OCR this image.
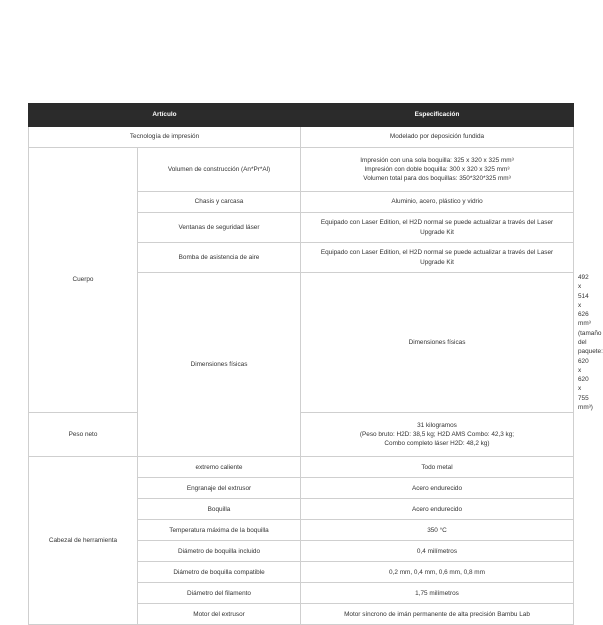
Artículo		Especificación	
Tecnología de impresión		Modelado por deposición fundida	
Cuerpo	Volumen de construcción (An*Pr*Al)	Impresión con una sola boquilla: 325 x 320 x 325 mm³
Impresión con doble boquilla: 300 x 320 x 325 mm³
Volumen total para dos boquillas: 350*320*325 mm³	

	Chasis y carcasa	Aluminio, acero, plástico y vidrio	
	Ventanas de seguridad láser	Equipado con Laser Edition, el H2D normal se puede actualizar a través del Laser
Upgrade Kit	

	Bomba de asistencia de aire	Equipado con Laser Edition, el H2D normal se puede actualizar a través del Laser
Upgrade Kit	

	Dimensiones físicas	Dimensiones físicas	492 x 514 x 626 mm³ (tamaño del paquete: 620 x 620 x 755 mm³)
Peso neto		31 kilogramos
(Peso bruto: H2D: 38,5 kg; H2D AMS Combo: 42,3 kg;
Combo completo láser H2D: 48,2 kg)	

Cabezal de herramienta	extremo caliente	Todo metal	
	Engranaje del extrusor	Acero endurecido	
	Boquilla	Acero endurecido	
	Temperatura máxima de la boquilla	350 °C	
	Diámetro de boquilla incluido	0,4 milímetros	
	Diámetro de boquilla compatible	0,2 mm, 0,4 mm, 0,6 mm, 0,8 mm	
	Diámetro del filamento	1,75 milímetros	
	Motor del extrusor	Motor síncrono de imán permanente de alta precisión Bambu Lab	
